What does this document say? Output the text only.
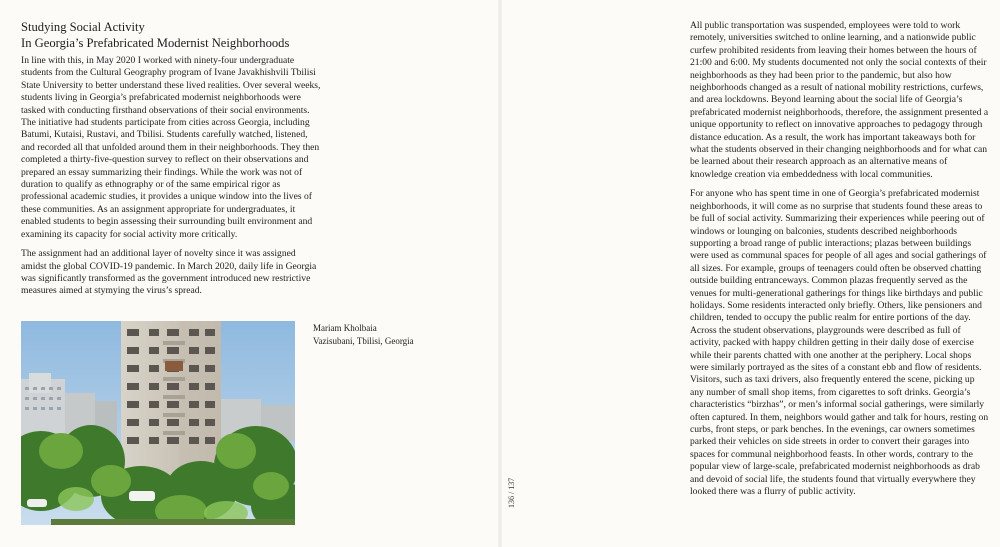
Studying Social Activity
In Georgia’s Prefabricated Modernist Neighborhoods

In line with this, in May 2020 I worked with ninety-four undergraduate students from the Cultural Geography program of Ivane Javakhishvili Tbilisi State University to better understand these lived realities. Over several weeks, students living in Georgia’s prefabricated modernist neighborhoods were tasked with conducting firsthand observations of their social environments. The initiative had students participate from cities across Georgia, including Batumi, Kutaisi, Rustavi, and Tbilisi. Students carefully watched, listened, and recorded all that unfolded around them in their neighborhoods. They then completed a thirty-five-question survey to reflect on their observations and prepared an essay summarizing their findings. While the work was not of duration to qualify as ethnography or of the same empirical rigor as professional academic studies, it provides a unique window into the lives of these communities. As an assignment appropriate for undergraduates, it enabled students to begin assessing their surrounding built environment and examining its capacity for social activity more critically.

The assignment had an additional layer of novelty since it was assigned amidst the global COVID-19 pandemic. In March 2020, daily life in Georgia was significantly transformed as the government introduced new restrictive measures aimed at stymying the virus’s spread.

Mariam Kholbaia
Vazisubani, Tbilisi, Georgia
136 / 137

All public transportation was suspended, employees were told to work remotely, universities switched to online learning, and a nationwide public curfew prohibited residents from leaving their homes between the hours of 21:00 and 6:00. My students documented not only the social contexts of their neighborhoods as they had been prior to the pandemic, but also how neighborhoods changed as a result of national mobility restrictions, curfews, and area lockdowns. Beyond learning about the social life of Georgia’s prefabricated modernist neighborhoods, therefore, the assignment presented a unique opportunity to reflect on innovative approaches to pedagogy through distance education. As a result, the work has important takeaways both for what the students observed in their changing neighborhoods and for what can be learned about their research approach as an alternative means of knowledge creation via embeddedness with local communities.

For anyone who has spent time in one of Georgia’s prefabricated modernist neighborhoods, it will come as no surprise that students found these areas to be full of social activity. Summarizing their experiences while peering out of windows or lounging on balconies, students described neighborhoods supporting a broad range of public interactions; plazas between buildings were used as communal spaces for people of all ages and social gatherings of all sizes. For example, groups of teenagers could often be observed chatting outside building entranceways. Common plazas frequently served as the venues for multi-generational gatherings for things like birthdays and public holidays. Some residents interacted only briefly. Others, like pensioners and children, tended to occupy the public realm for entire portions of the day. Across the student observations, playgrounds were described as full of activity, packed with happy children getting in their daily dose of exercise while their parents chatted with one another at the periphery. Local shops were similarly portrayed as the sites of a constant ebb and flow of residents. Visitors, such as taxi drivers, also frequently entered the scene, picking up any number of small shop items, from cigarettes to soft drinks. Georgia’s characteristics “birzhas”, or men’s informal social gatherings, were similarly often captured. In them, neighbors would gather and talk for hours, resting on curbs, front steps, or park benches. In the evenings, car owners sometimes parked their vehicles on side streets in order to convert their garages into spaces for communal neighborhood feasts. In other words, contrary to the popular view of large-scale, prefabricated modernist neighborhoods as drab and devoid of social life, the students found that virtually everywhere they looked there was a flurry of public activity.
